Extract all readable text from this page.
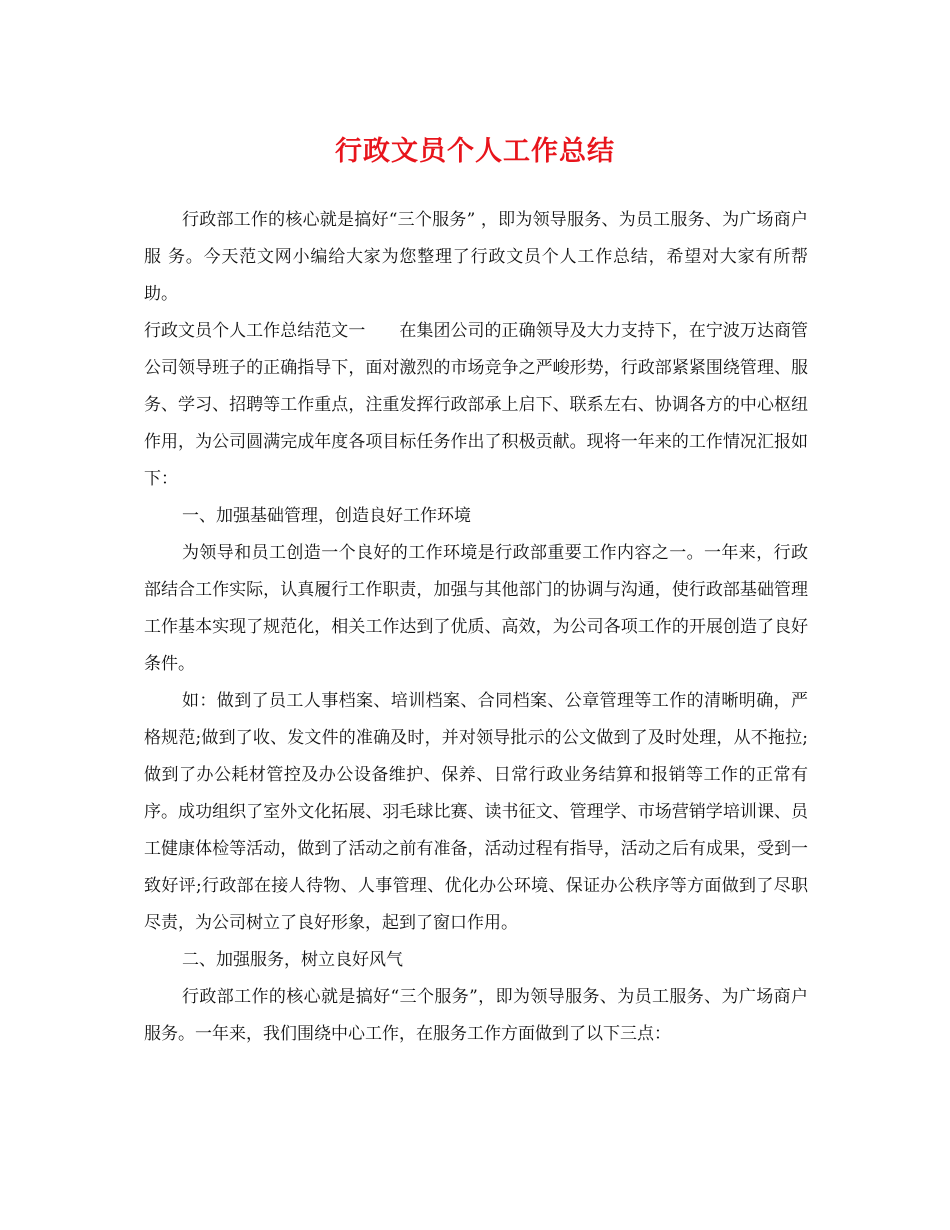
行政文员个人工作总结

行政部工作的核心就是搞好“三个服务” ，即为领导服务、为员工服务、为广场商户服 务。今天范文网小编给大家为您整理了行政文员个人工作总结，希望对大家有所帮助。

行政文员个人工作总结范文一　　在集团公司的正确领导及大力支持下，在宁波万达商管公司领导班子的正确指导下，面对激烈的市场竞争之严峻形势，行政部紧紧围绕管理、服务、学习、招聘等工作重点，注重发挥行政部承上启下、联系左右、协调各方的中心枢纽作用，为公司圆满完成年度各项目标任务作出了积极贡献。现将一年来的工作情况汇报如下：

一、加强基础管理，创造良好工作环境

为领导和员工创造一个良好的工作环境是行政部重要工作内容之一。一年来，行政部结合工作实际，认真履行工作职责，加强与其他部门的协调与沟通，使行政部基础管理工作基本实现了规范化，相关工作达到了优质、高效，为公司各项工作的开展创造了良好条件。

如：做到了员工人事档案、培训档案、合同档案、公章管理等工作的清晰明确，严格规范;做到了收、发文件的准确及时，并对领导批示的公文做到了及时处理，从不拖拉;做到了办公耗材管控及办公设备维护、保养、日常行政业务结算和报销等工作的正常有序。成功组织了室外文化拓展、羽毛球比赛、读书征文、管理学、市场营销学培训课、员工健康体检等活动，做到了活动之前有准备，活动过程有指导，活动之后有成果，受到一致好评;行政部在接人待物、人事管理、优化办公环境、保证办公秩序等方面做到了尽职尽责，为公司树立了良好形象，起到了窗口作用。

二、加强服务，树立良好风气

行政部工作的核心就是搞好“三个服务”，即为领导服务、为员工服务、为广场商户服务。一年来，我们围绕中心工作，在服务工作方面做到了以下三点：
